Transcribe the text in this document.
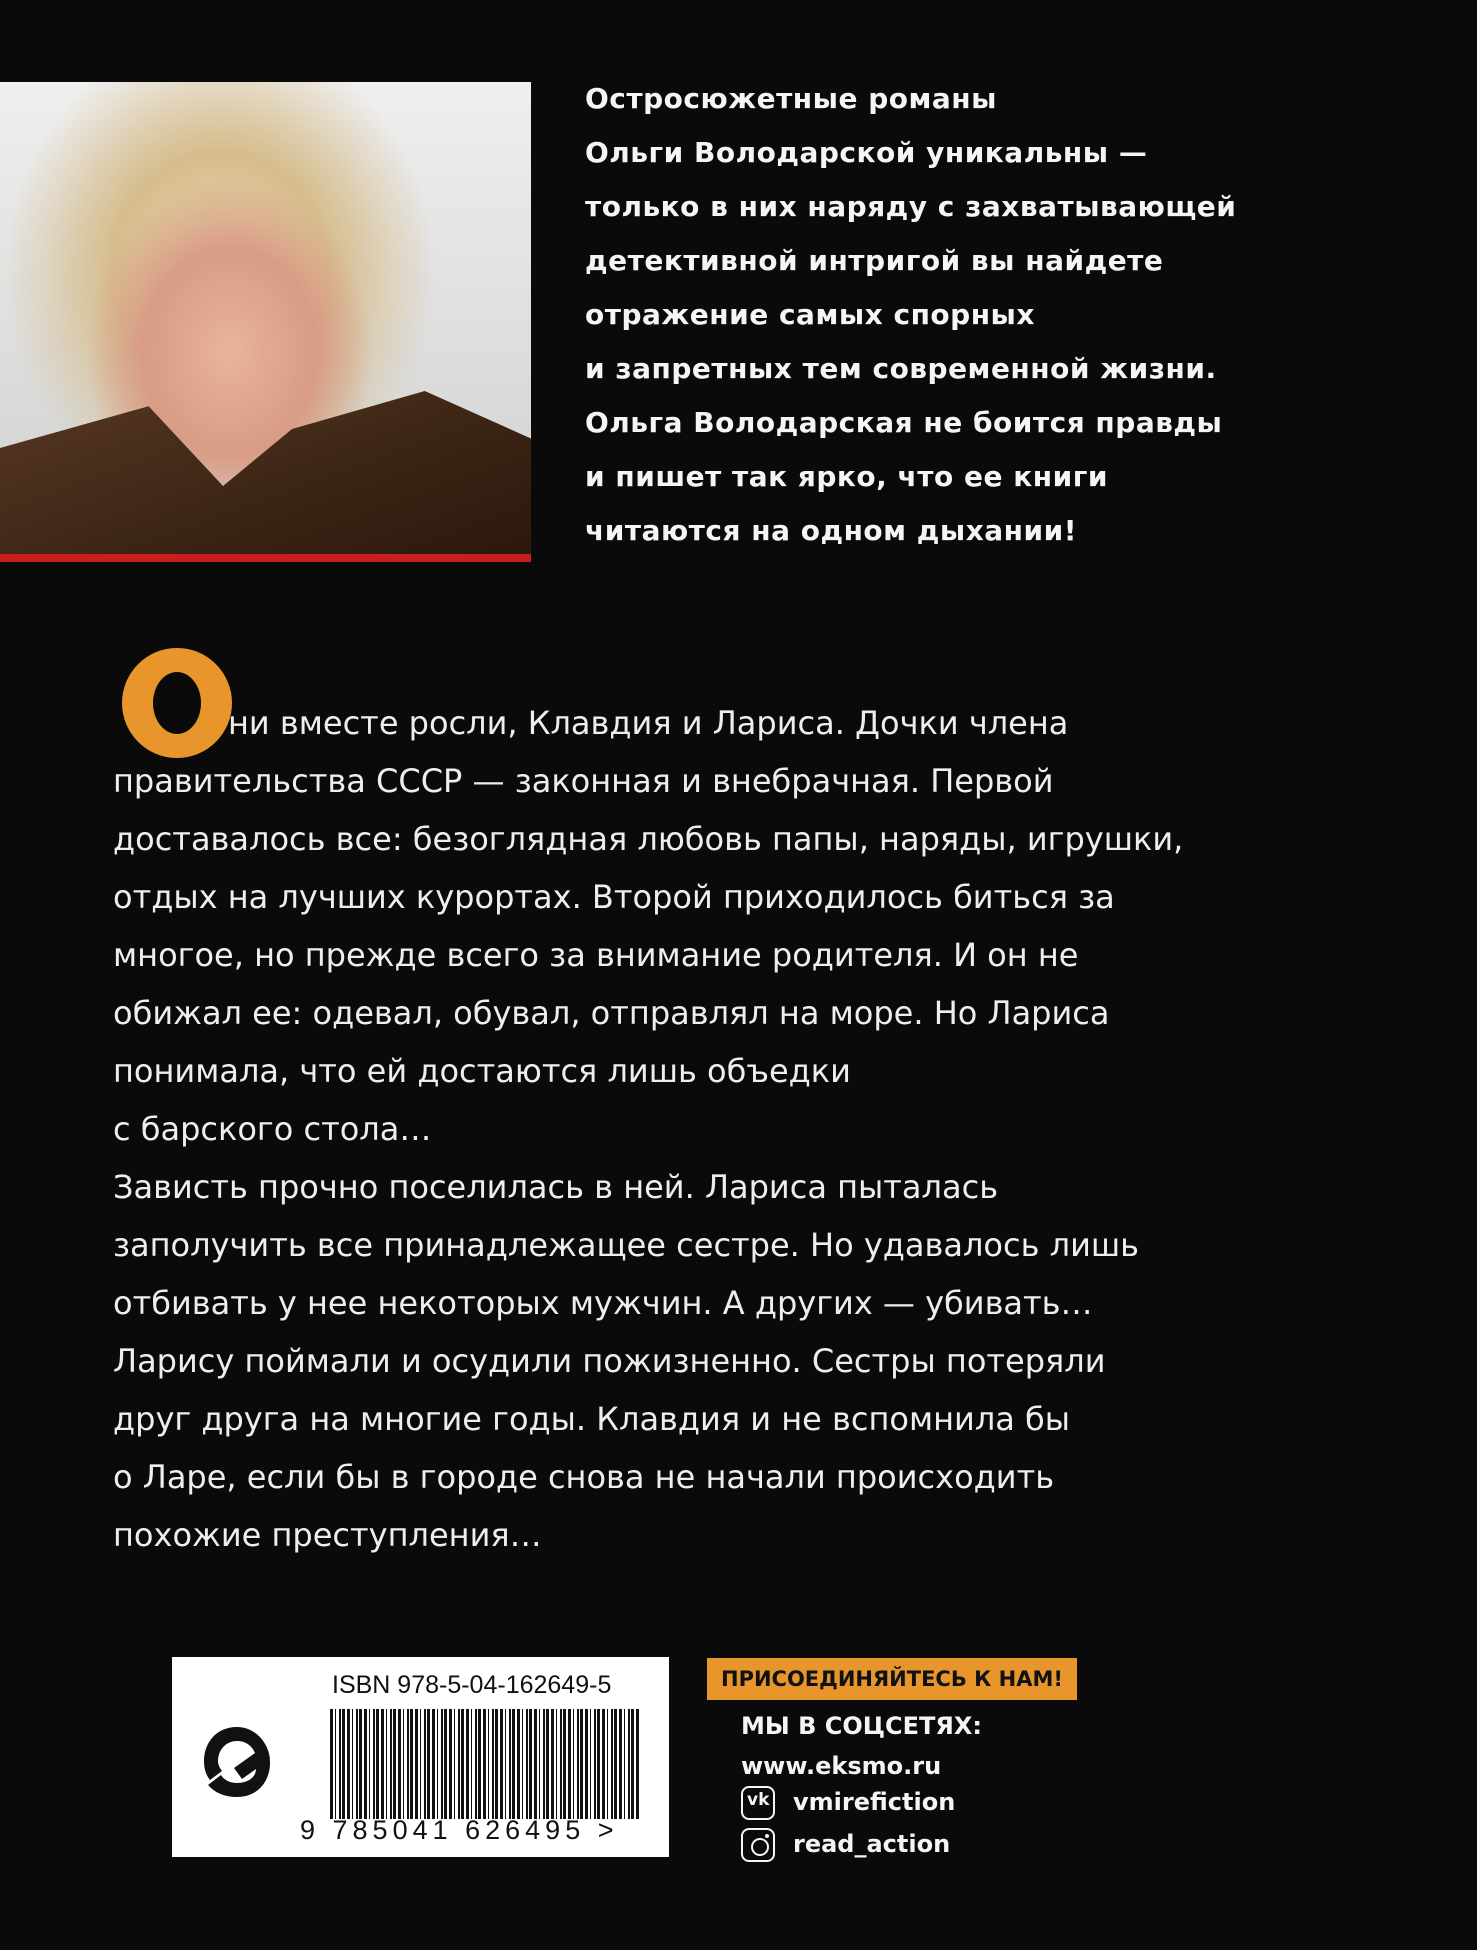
Остросюжетные романы
Ольги Володарской уникальны —
только в них наряду с захватывающей
детективной интригой вы найдете
отражение самых спорных
и запретных тем современной жизни.
Ольга Володарская не боится правды
и пишет так ярко, что ее книги
читаются на одном дыхании!
ни вместе росли, Клавдия и Лариса. Дочки члена
правительства СССР — законная и внебрачная. Первой
доставалось все: безоглядная любовь папы, наряды, игрушки,
отдых на лучших курортах. Второй приходилось биться за
многое, но прежде всего за внимание родителя. И он не
обижал ее: одевал, обувал, отправлял на море. Но Лариса
понимала, что ей достаются лишь объедки
с барского стола…
Зависть прочно поселилась в ней. Лариса пыталась
заполучить все принадлежащее сестре. Но удавалось лишь
отбивать у нее некоторых мужчин. А других — убивать…
Ларису поймали и осудили пожизненно. Сестры потеряли
друг друга на многие годы. Клавдия и не вспомнила бы
о Ларе, если бы в городе снова не начали происходить
похожие преступления…
ISBN 978-5-04-162649-5
9 785041 626495 >
ПРИСОЕДИНЯЙТЕСЬ К НАМ!
МЫ В СОЦСЕТЯХ:
www.eksmo.ru
vk
vmirefiction
read_action
